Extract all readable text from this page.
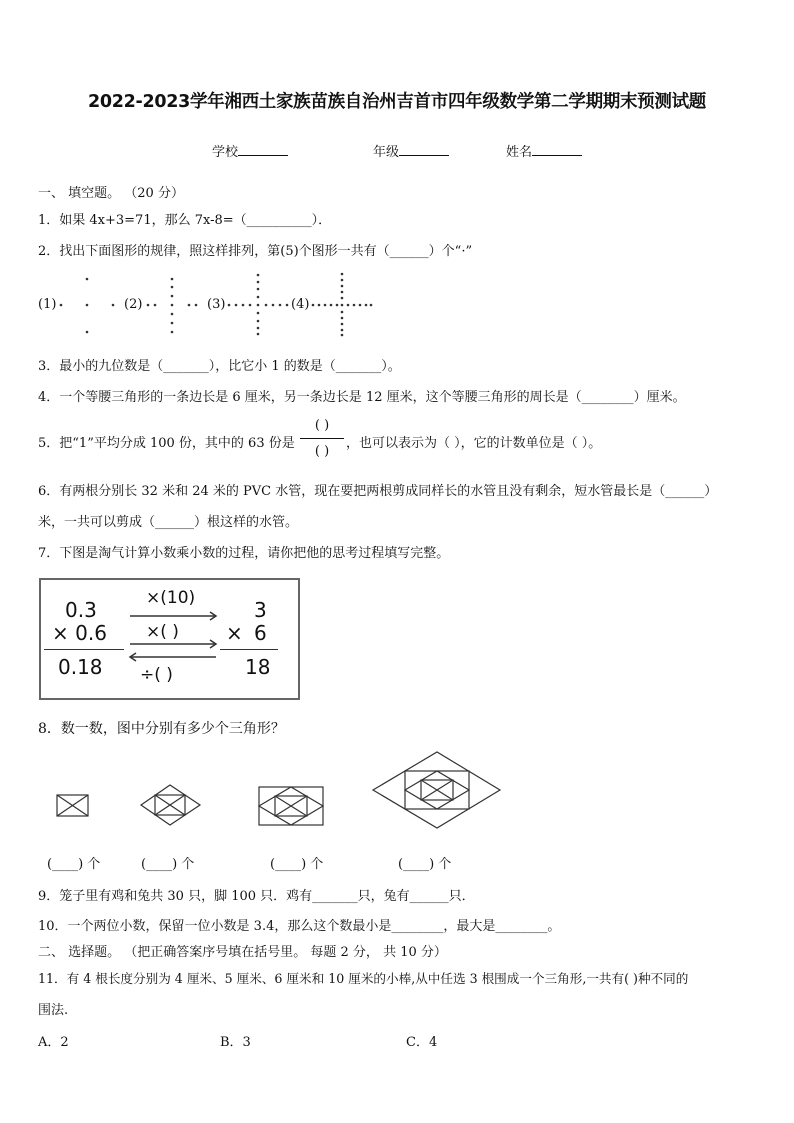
2022-2023学年湘西土家族苗族自治州吉首市四年级数学第二学期期末预测试题
学校	年级	姓名
一、 填空题。 （20 分）
1．如果 4x+3=71，那么 7x-8=（__________）．
2．找出下面图形的规律，照这样排列，第(5)个图形一共有（______）个“·”
(1)	(2)	(3)	(4)
3．最小的九位数是（_______），比它小 1 的数是（_______）。
4．一个等腰三角形的一条边长是 6 厘米，另一条边长是 12 厘米，这个等腰三角形的周长是（________）厘米。
5．把“1”平均分成 100 份，其中的 63 份是
( )
( )
，也可以表示为（ ），它的计数单位是（ ）。
6．有两根分别长 32 米和 24 米的 PVC 水管，现在要把两根剪成同样长的水管且没有剩余，短水管最长是（______）
米，一共可以剪成（______）根这样的水管。
7．下图是淘气计算小数乘小数的过程，请你把他的思考过程填写完整。
0.3
× 0.6
0.18
×(10)
×( )
÷( )
3
× 6
18
8．数一数，图中分别有多少个三角形？
(____) 个	(____) 个	(____) 个	(____) 个
9．笼子里有鸡和兔共 30 只，脚 100 只．鸡有_______只，兔有______只．
10．一个两位小数，保留一位小数是 3.4，那么这个数最小是________，最大是________。
二、 选择题。 （把正确答案序号填在括号里。 每题 2 分， 共 10 分）
11．有 4 根长度分别为 4 厘米、5 厘米、6 厘米和 10 厘米的小棒,从中任选 3 根围成一个三角形,一共有( )种不同的
围法.
A．2	B．3	C．4
